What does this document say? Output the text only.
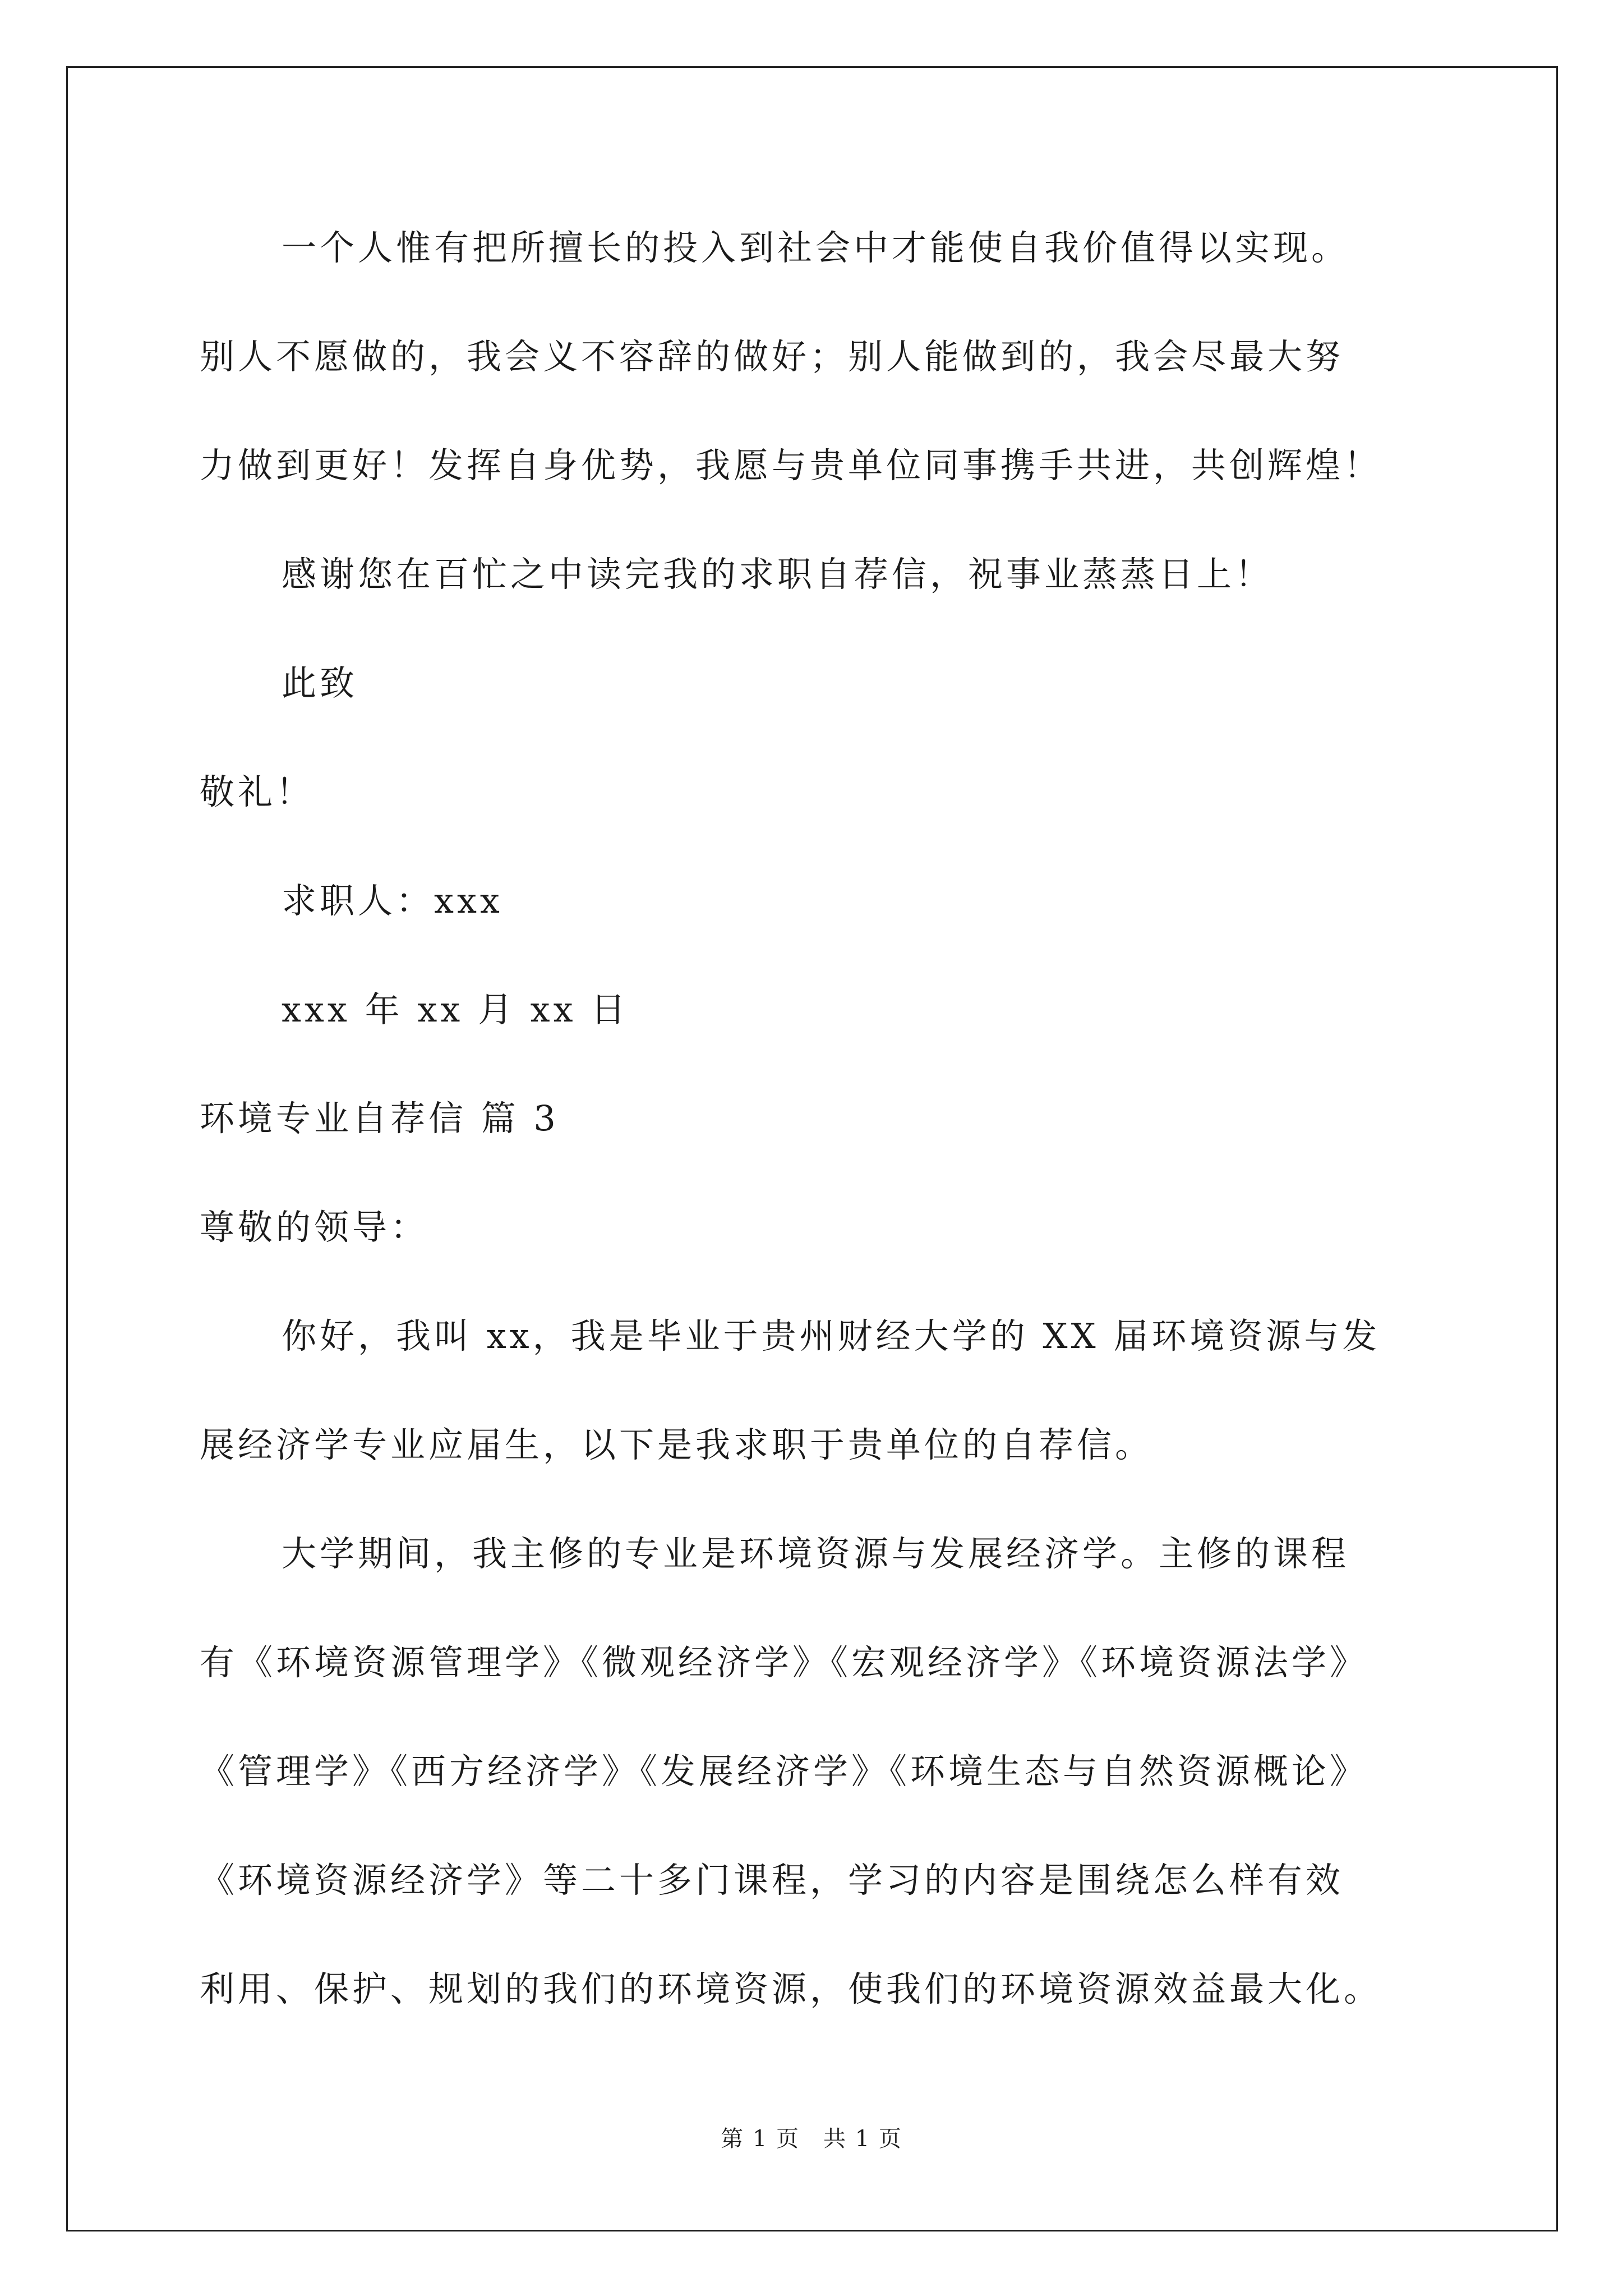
一个人惟有把所擅长的投入到社会中才能使自我价值得以实现。
别人不愿做的，我会义不容辞的做好；别人能做到的，我会尽最大努
力做到更好！发挥自身优势，我愿与贵单位同事携手共进，共创辉煌！
感谢您在百忙之中读完我的求职自荐信，祝事业蒸蒸日上！
此致
敬礼！
求职人：xxx
xxx 年 xx 月 xx 日
环境专业自荐信 篇 3
尊敬的领导：
你好，我叫 xx，我是毕业于贵州财经大学的 XX 届环境资源与发
展经济学专业应届生，以下是我求职于贵单位的自荐信。
大学期间，我主修的专业是环境资源与发展经济学。主修的课程
有《环境资源管理学》《微观经济学》《宏观经济学》《环境资源法学》
《管理学》《西方经济学》《发展经济学》《环境生态与自然资源概论》
《环境资源经济学》等二十多门课程，学习的内容是围绕怎么样有效
利用、保护、规划的我们的环境资源，使我们的环境资源效益最大化。
第 1 页　共 1 页
